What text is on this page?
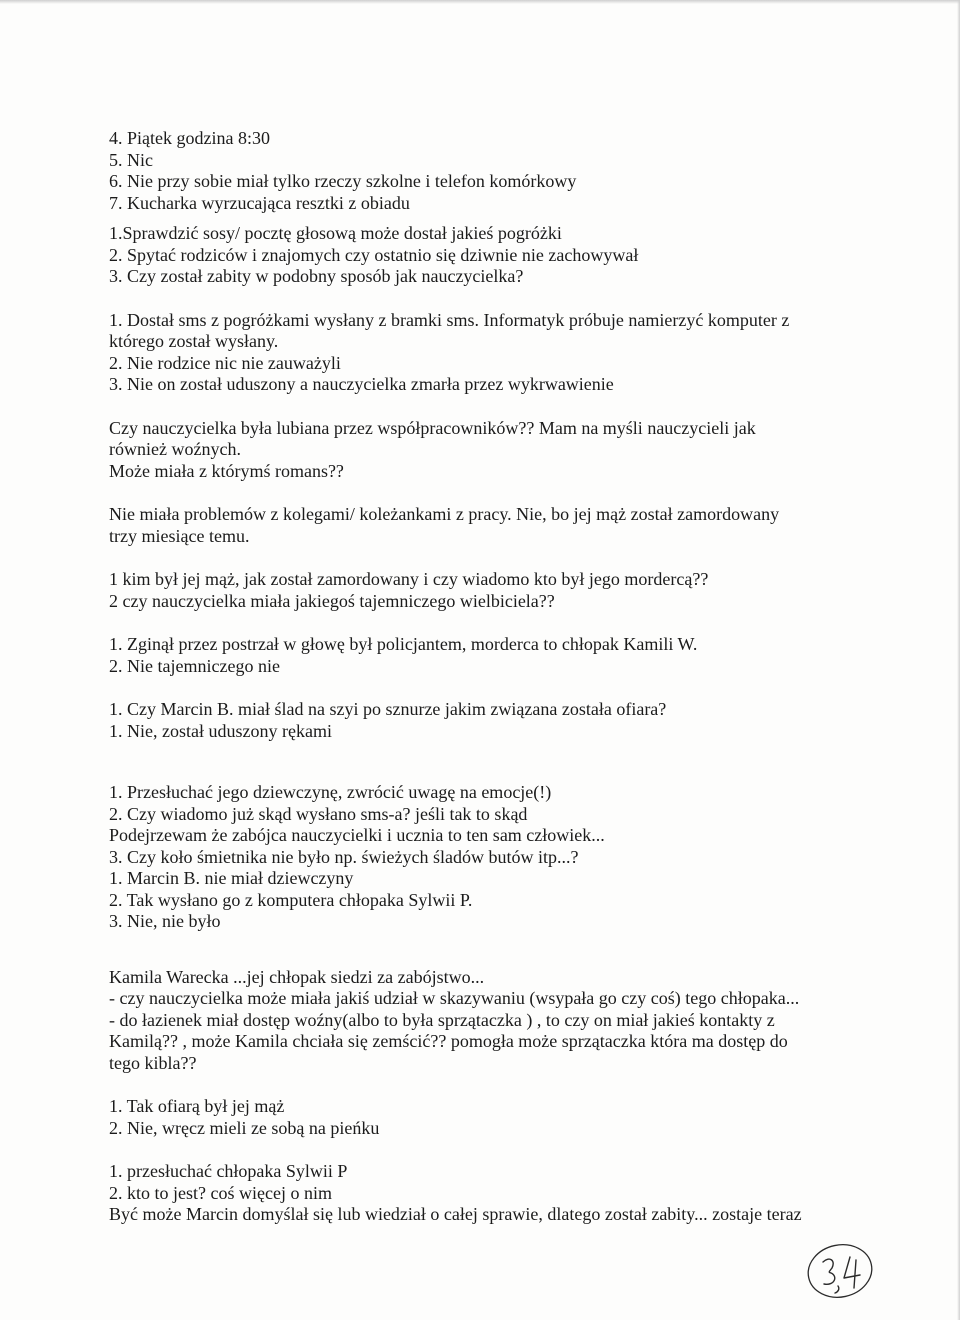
4. Piątek godzina 8:30

5. Nic

6. Nie przy sobie miał tylko rzeczy szkolne i telefon komórkowy

7. Kucharka wyrzucająca resztki z obiadu

1.Sprawdzić sosy/ pocztę głosową może dostał jakieś pogróżki

2. Spytać rodziców i znajomych czy ostatnio się dziwnie nie zachowywał

3. Czy został zabity w podobny sposób jak nauczycielka?

1. Dostał sms z pogróżkami wysłany z bramki sms. Informatyk próbuje namierzyć komputer z

którego został wysłany.

2. Nie rodzice nic nie zauważyli

3. Nie on został uduszony a nauczycielka zmarła przez wykrwawienie

Czy nauczycielka była lubiana przez współpracowników?? Mam na myśli nauczycieli jak

również woźnych.

Może miała z którymś romans??

Nie miała problemów z kolegami/ koleżankami z pracy. Nie, bo jej mąż został zamordowany

trzy miesiące temu.

1 kim był jej mąż, jak został zamordowany i czy wiadomo kto był jego mordercą??

2 czy nauczycielka miała jakiegoś tajemniczego wielbiciela??

1. Zginął przez postrzał w głowę był policjantem, morderca to chłopak Kamili W.

2. Nie tajemniczego nie

1. Czy Marcin B. miał ślad na szyi po sznurze jakim związana została ofiara?

1. Nie, został uduszony rękami

1. Przesłuchać jego dziewczynę, zwrócić uwagę na emocje(!)

2. Czy wiadomo już skąd wysłano sms-a? jeśli tak to skąd

Podejrzewam że zabójca nauczycielki i ucznia to ten sam człowiek...

3. Czy koło śmietnika nie było np. świeżych śladów butów itp...?

1. Marcin B. nie miał dziewczyny

2. Tak wysłano go z komputera chłopaka Sylwii P.

3. Nie, nie było

Kamila Warecka ...jej chłopak siedzi za zabójstwo...

- czy nauczycielka może miała jakiś udział w skazywaniu (wsypała go czy coś) tego chłopaka...

- do łazienek miał dostęp woźny(albo to była sprzątaczka ) , to czy on miał jakieś kontakty z

Kamilą?? , może Kamila chciała się zemścić?? pomogła może sprzątaczka która ma dostęp do

tego kibla??

1. Tak ofiarą był jej mąż

2. Nie, wręcz mieli ze sobą na pieńku

1. przesłuchać chłopaka Sylwii P

2. kto to jest? coś więcej o nim

Być może Marcin domyślał się lub wiedział o całej sprawie, dlatego został zabity... zostaje teraz
